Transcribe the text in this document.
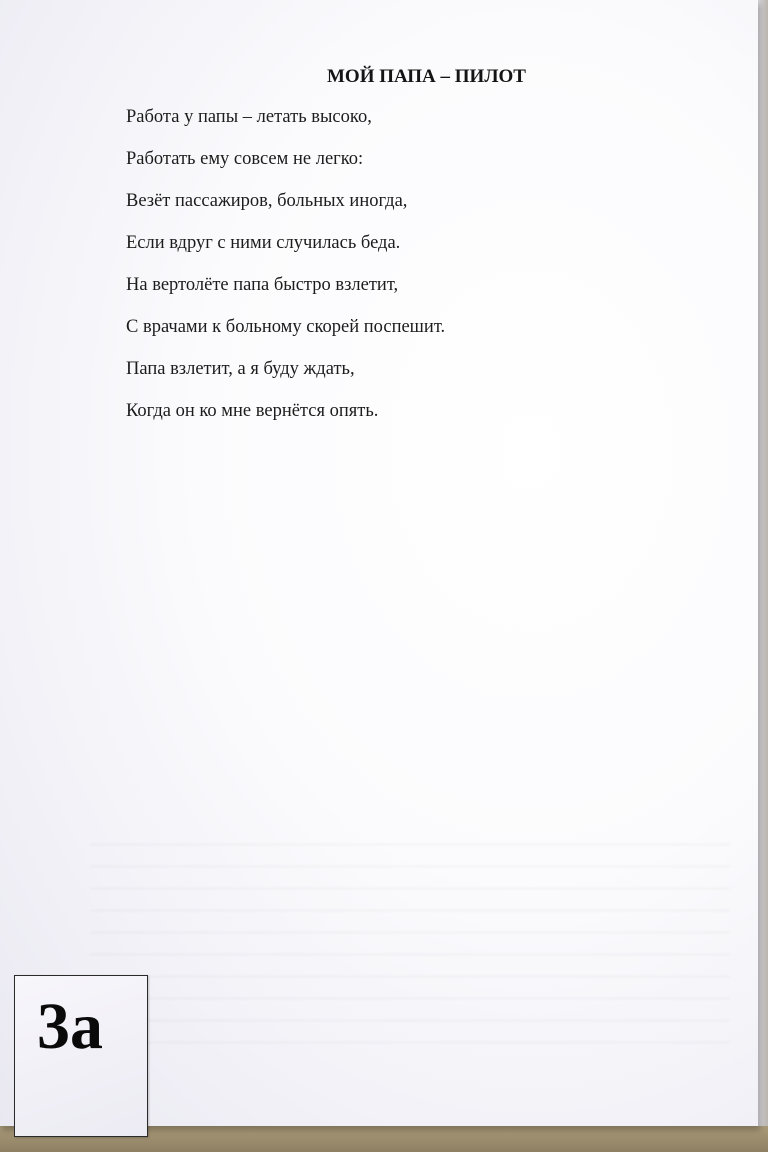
МОЙ ПАПА – ПИЛОТ
Работа у папы – летать высоко,
Работать ему совсем не легко:
Везёт пассажиров, больных иногда,
Если вдруг с ними случилась беда.
На вертолёте папа быстро взлетит,
С врачами к больному скорей поспешит.
Папа взлетит, а я буду ждать,
Когда он ко мне вернётся опять.
3а
